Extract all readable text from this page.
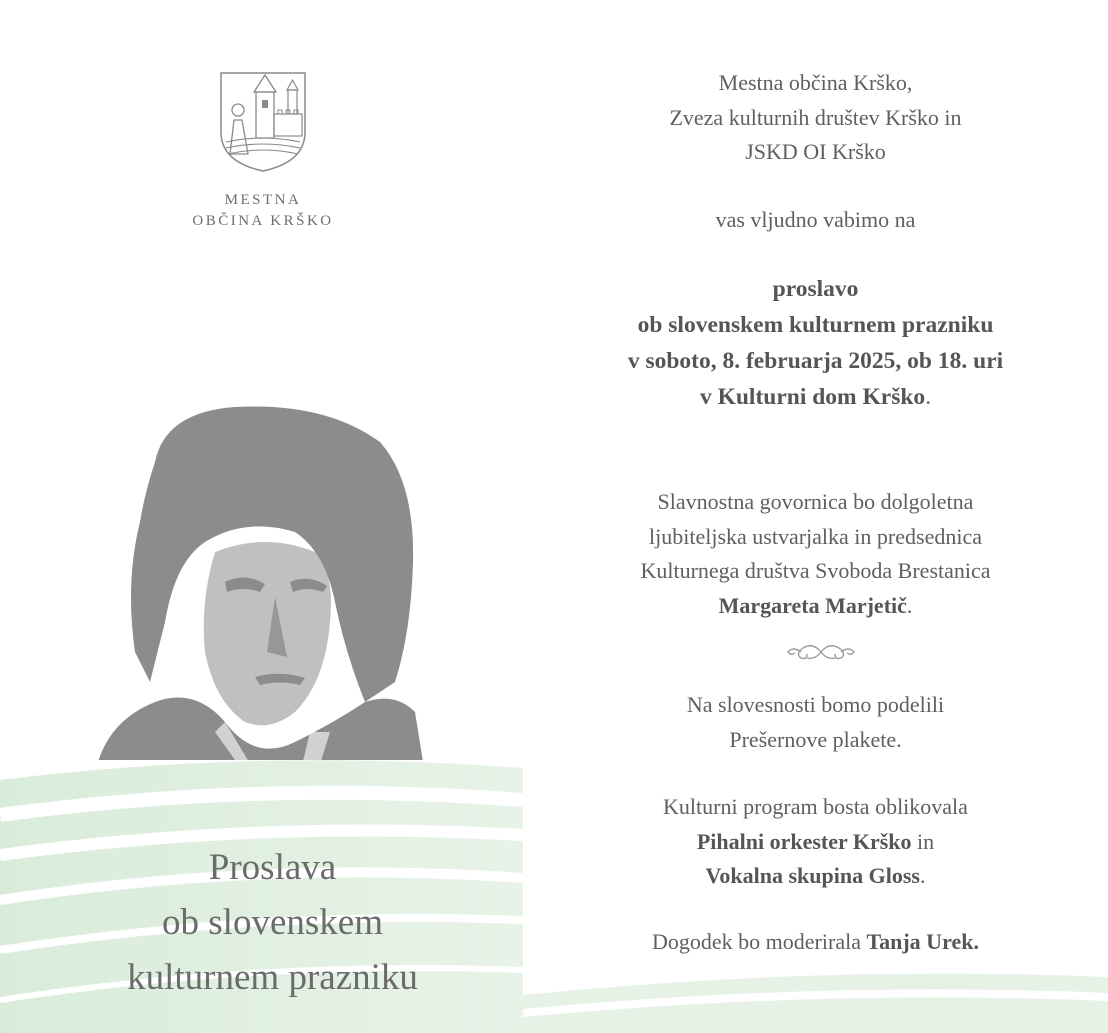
MESTNA
OBČINA KRŠKO
Proslava
ob slovenskem
kulturnem prazniku
Mestna občina Krško,
Zveza kulturnih društev Krško in
JSKD OI Krško
vas vljudno vabimo na
proslavo
ob slovenskem kulturnem prazniku
v soboto, 8. februarja 2025, ob 18. uri
v Kulturni dom Krško.
Slavnostna govornica bo dolgoletna
ljubiteljska ustvarjalka in predsednica
Kulturnega društva Svoboda Brestanica
Margareta Marjetič.
Na slovesnosti bomo podelili
Prešernove plakete.
Kulturni program bosta oblikovala
Pihalni orkester Krško in
Vokalna skupina Gloss.
Dogodek bo moderirala Tanja Urek.
